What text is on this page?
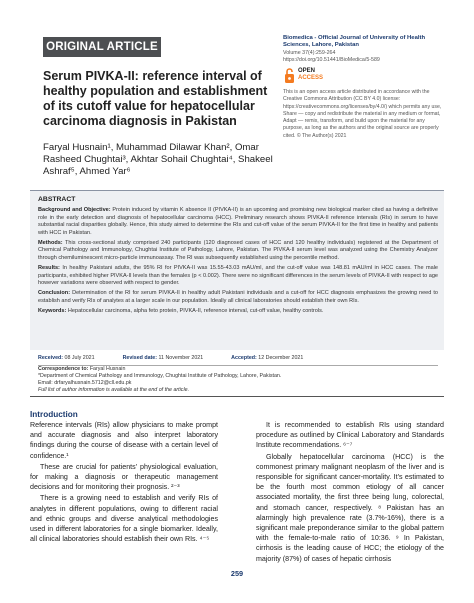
ORIGINAL ARTICLE
Serum PIVKA-II: reference interval of healthy population and establishment of its cutoff value for hepatocellular carcinoma diagnosis in Pakistan
Faryal Husnain¹, Muhammad Dilawar Khan², Omar Rasheed Chughtai³, Akhtar Sohail Chughtai⁴, Shakeel Ashraf⁵, Ahmed Yar⁶
Biomedica - Official Journal of University of Health Sciences, Lahore, Pakistan
Volume 37(4):259-264
https://doi.org/10.51441/BioMedica/5-589
OPEN
ACCESS
This is an open access article distributed in accordance with the Creative Commons Attribution (CC BY 4.0) license: https://creativecommons.org/licenses/by/4.0/) which permits any use, Share — copy and redistribute the material in any medium or format, Adapt — remix, transform, and build upon the material for any purpose, as long as the authors and the original source are properly cited. © The Author(s) 2021
ABSTRACT

Background and Objective: Protein induced by vitamin K absence II (PIVKA-II) is an upcoming and promising new biological marker cited as having a definitive role in the early detection and diagnosis of hepatocellular carcinoma (HCC). Preliminary research shows PIVKA-II reference intervals (RIs) in serum to have substantial racial disparities globally. Hence, this study aimed to determine the RIs and cut-off value of the serum PIVKA-II for the first time in healthy and patients with HCC in Pakistan.

Methods: This cross-sectional study comprised 240 participants (120 diagnosed cases of HCC and 120 healthy individuals) registered at the Department of Chemical Pathology and Immunology, Chughtai Institute of Pathology, Lahore, Pakistan. The PIVKA-II serum level was analyzed using the Chemistry Analyzer through chemiluminescent micro-particle immunoassay. The RI was subsequently established using the percentile method.

Results: In healthy Pakistani adults, the 95% RI for PIVKA-II was 15.55-43.03 mAU/ml, and the cut-off value was 148.81 mAU/ml in HCC cases. The male participants, exhibited higher PIVKA-II levels than the females (p < 0.002). There were no significant differences in the serum levels of PIVKA-II with respect to age however variations were observed with respect to gender.

Conclusion: Determination of the RI for serum PIVKA-II in healthy adult Pakistani individuals and a cut-off for HCC diagnosis emphasizes the growing need to establish and verify RIs of analytes at a larger scale in our population. Ideally all clinical laboratories should establish their own RIs.

Keywords: Hepatocellular carcinoma, alpha feto protein, PIVKA-II, reference interval, cut-off value, healthy controls.

Received: 08 July 2021	Revised date: 11 November 2021	Accepted: 12 December 2021
Correspondence to: Faryal Husnain
*Department of Chemical Pathology and Immunology, Chughtai Institute of Pathology, Lahore, Pakistan.
Email: drfaryalhusnain.5712@cll.edu.pk
Full list of author information is available at the end of the article.
Introduction

Reference intervals (RIs) allow physicians to make prompt and accurate diagnosis and also interpret laboratory findings during the course of disease with a certain level of confidence.¹

These are crucial for patients' physiological evaluation, for making a diagnosis or therapeutic management decisions and for monitoring their prognosis. ²⁻³

There is a growing need to establish and verify RIs of analytes in different populations, owing to different racial and ethnic groups and diverse analytical methodologies used in different laboratories for a single biomarker. Ideally, all clinical laboratories should establish their own RIs. ⁴⁻⁵

It is recommended to establish RIs using standard procedure as outlined by Clinical Laboratory and Standards Institute recommendations. ⁶⁻⁷

Globally hepatocellular carcinoma (HCC) is the commonest primary malignant neoplasm of the liver and is responsible for significant cancer-mortality. It's estimated to be the fourth most common etiology of all cancer associated mortality, the first three being lung, colorectal, and stomach cancer, respectively. ⁸ Pakistan has an alarmingly high prevalence rate (3.7%-16%), there is a significant male preponderance similar to the global pattern with the female-to-male ratio of 10:36. ⁹ In Pakistan, cirrhosis is the leading cause of HCC; the etiology of the majority (87%) of cases of hepatic cirrhosis

259
